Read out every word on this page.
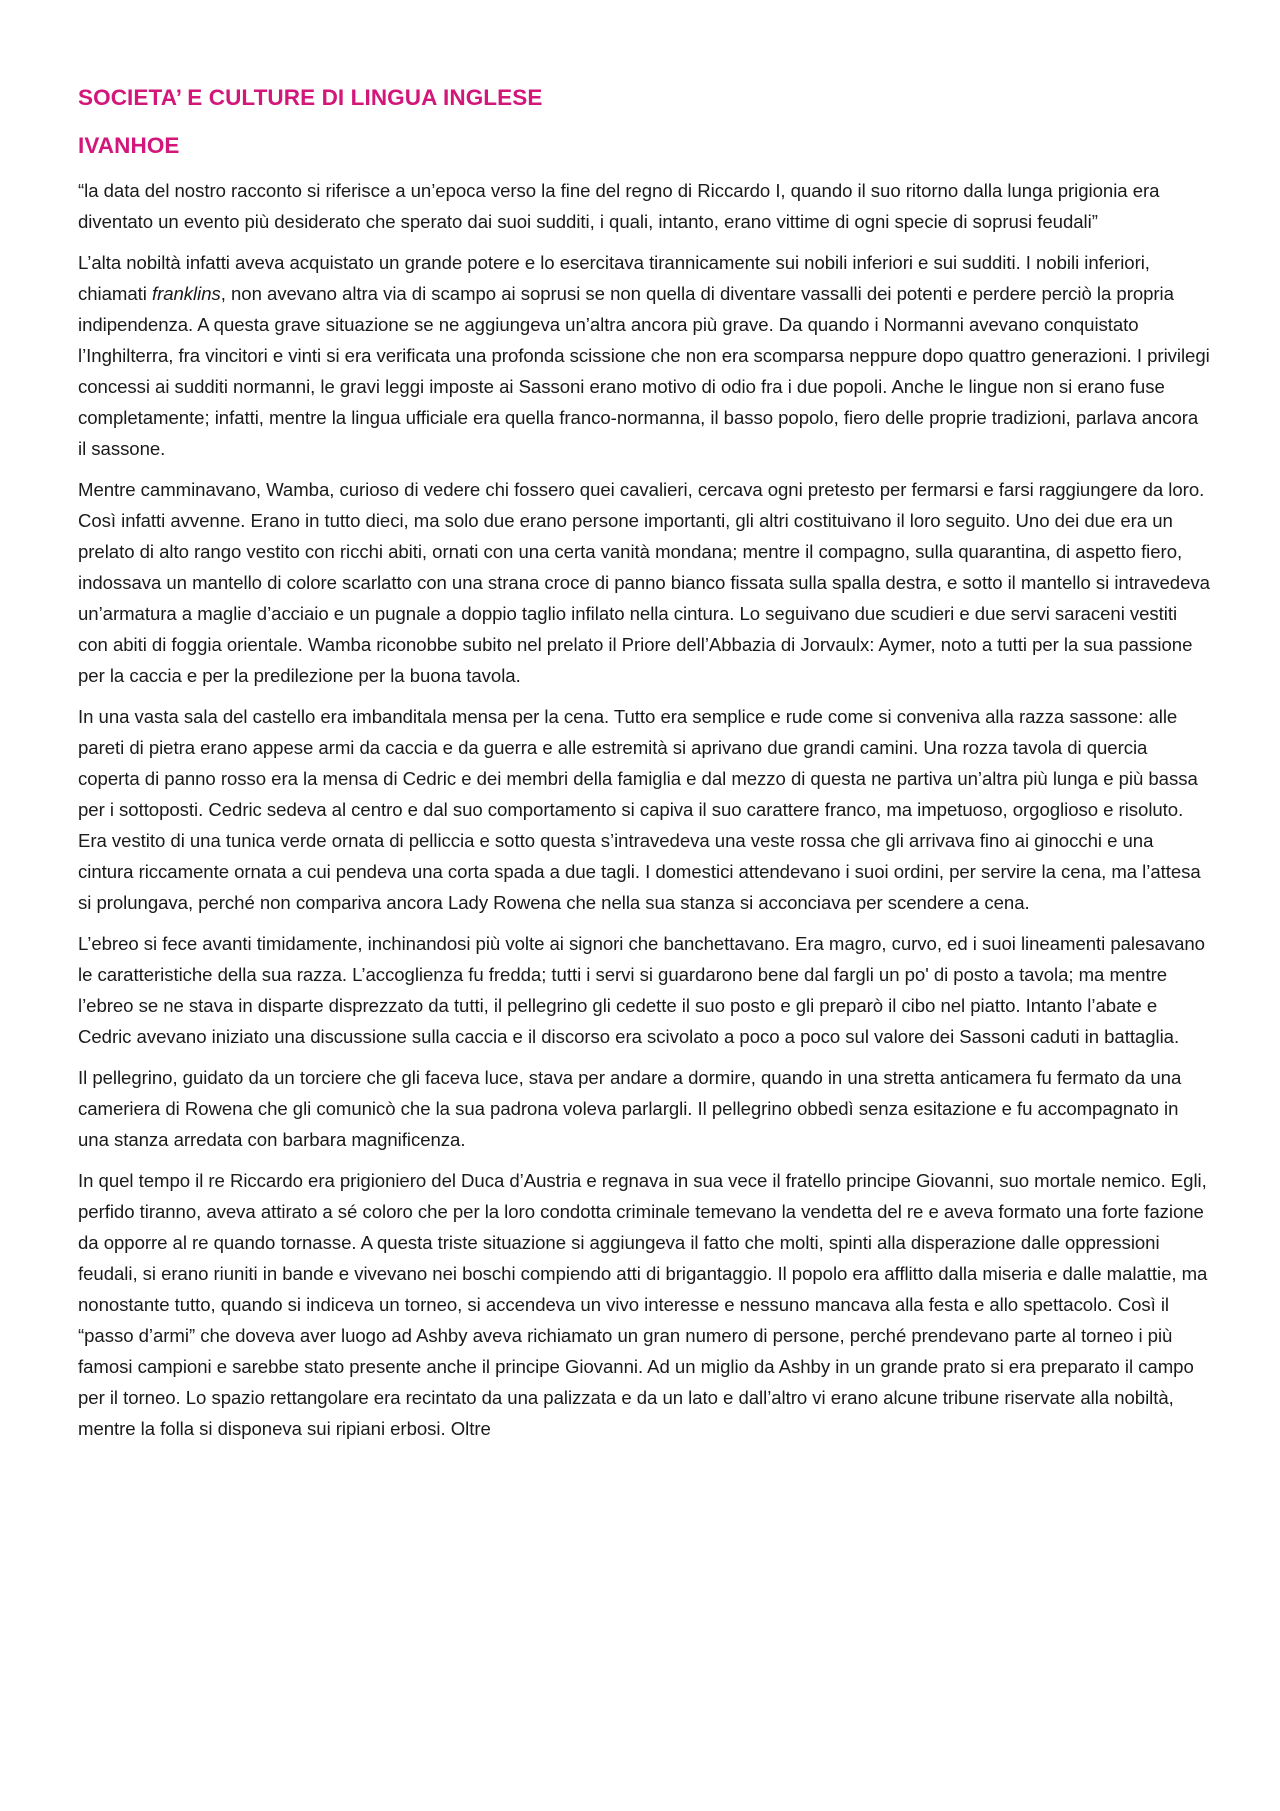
SOCIETA’ E CULTURE DI LINGUA INGLESE
IVANHOE

“la data del nostro racconto si riferisce a un’epoca verso la fine del regno di Riccardo I, quando il suo ritorno dalla lunga prigionia era diventato un evento più desiderato che sperato dai suoi sudditi, i quali, intanto, erano vittime di ogni specie di soprusi feudali”

L’alta nobiltà infatti aveva acquistato un grande potere e lo esercitava tirannicamente sui nobili inferiori e sui sudditi. I nobili inferiori, chiamati franklins, non avevano altra via di scampo ai soprusi se non quella di diventare vassalli dei potenti e perdere perciò la propria indipendenza. A questa grave situazione se ne aggiungeva un’altra ancora più grave. Da quando i Normanni avevano conquistato l’Inghilterra, fra vincitori e vinti si era verificata una profonda scissione che non era scomparsa neppure dopo quattro generazioni. I privilegi concessi ai sudditi normanni, le gravi leggi imposte ai Sassoni erano motivo di odio fra i due popoli. Anche le lingue non si erano fuse completamente; infatti, mentre la lingua ufficiale era quella franco-normanna, il basso popolo, fiero delle proprie tradizioni, parlava ancora il sassone.

Mentre camminavano, Wamba, curioso di vedere chi fossero quei cavalieri, cercava ogni pretesto per fermarsi e farsi raggiungere da loro. Così infatti avvenne. Erano in tutto dieci, ma solo due erano persone importanti, gli altri costituivano il loro seguito. Uno dei due era un prelato di alto rango vestito con ricchi abiti, ornati con una certa vanità mondana; mentre il compagno, sulla quarantina, di aspetto fiero, indossava un mantello di colore scarlatto con una strana croce di panno bianco fissata sulla spalla destra, e sotto il mantello si intravedeva un’armatura a maglie d’acciaio e un pugnale a doppio taglio infilato nella cintura. Lo seguivano due scudieri e due servi saraceni vestiti con abiti di foggia orientale. Wamba riconobbe subito nel prelato il Priore dell’Abbazia di Jorvaulx: Aymer, noto a tutti per la sua passione per la caccia e per la predilezione per la buona tavola.

In una vasta sala del castello era imbanditala mensa per la cena. Tutto era semplice e rude come si conveniva alla razza sassone: alle pareti di pietra erano appese armi da caccia e da guerra e alle estremità si aprivano due grandi camini. Una rozza tavola di quercia coperta di panno rosso era la mensa di Cedric e dei membri della famiglia e dal mezzo di questa ne partiva un’altra più lunga e più bassa per i sottoposti. Cedric sedeva al centro e dal suo comportamento si capiva il suo carattere franco, ma impetuoso, orgoglioso e risoluto. Era vestito di una tunica verde ornata di pelliccia e sotto questa s’intravedeva una veste rossa che gli arrivava fino ai ginocchi e una cintura riccamente ornata a cui pendeva una corta spada a due tagli. I domestici attendevano i suoi ordini, per servire la cena, ma l’attesa si prolungava, perché non compariva ancora Lady Rowena che nella sua stanza si acconciava per scendere a cena.

L’ebreo si fece avanti timidamente, inchinandosi più volte ai signori che banchettavano. Era magro, curvo, ed i suoi lineamenti palesavano le caratteristiche della sua razza. L’accoglienza fu fredda; tutti i servi si guardarono bene dal fargli un po' di posto a tavola; ma mentre l’ebreo se ne stava in disparte disprezzato da tutti, il pellegrino gli cedette il suo posto e gli preparò il cibo nel piatto. Intanto l’abate e Cedric avevano iniziato una discussione sulla caccia e il discorso era scivolato a poco a poco sul valore dei Sassoni caduti in battaglia.

Il pellegrino, guidato da un torciere che gli faceva luce, stava per andare a dormire, quando in una stretta anticamera fu fermato da una cameriera di Rowena che gli comunicò che la sua padrona voleva parlargli. Il pellegrino obbedì senza esitazione e fu accompagnato in una stanza arredata con barbara magnificenza.

In quel tempo il re Riccardo era prigioniero del Duca d’Austria e regnava in sua vece il fratello principe Giovanni, suo mortale nemico. Egli, perfido tiranno, aveva attirato a sé coloro che per la loro condotta criminale temevano la vendetta del re e aveva formato una forte fazione da opporre al re quando tornasse. A questa triste situazione si aggiungeva il fatto che molti, spinti alla disperazione dalle oppressioni feudali, si erano riuniti in bande e vivevano nei boschi compiendo atti di brigantaggio. Il popolo era afflitto dalla miseria e dalle malattie, ma nonostante tutto, quando si indiceva un torneo, si accendeva un vivo interesse e nessuno mancava alla festa e allo spettacolo. Così il “passo d’armi” che doveva aver luogo ad Ashby aveva richiamato un gran numero di persone, perché prendevano parte al torneo i più famosi campioni e sarebbe stato presente anche il principe Giovanni. Ad un miglio da Ashby in un grande prato si era preparato il campo per il torneo. Lo spazio rettangolare era recintato da una palizzata e da un lato e dall’altro vi erano alcune tribune riservate alla nobiltà, mentre la folla si disponeva sui ripiani erbosi. Oltre
